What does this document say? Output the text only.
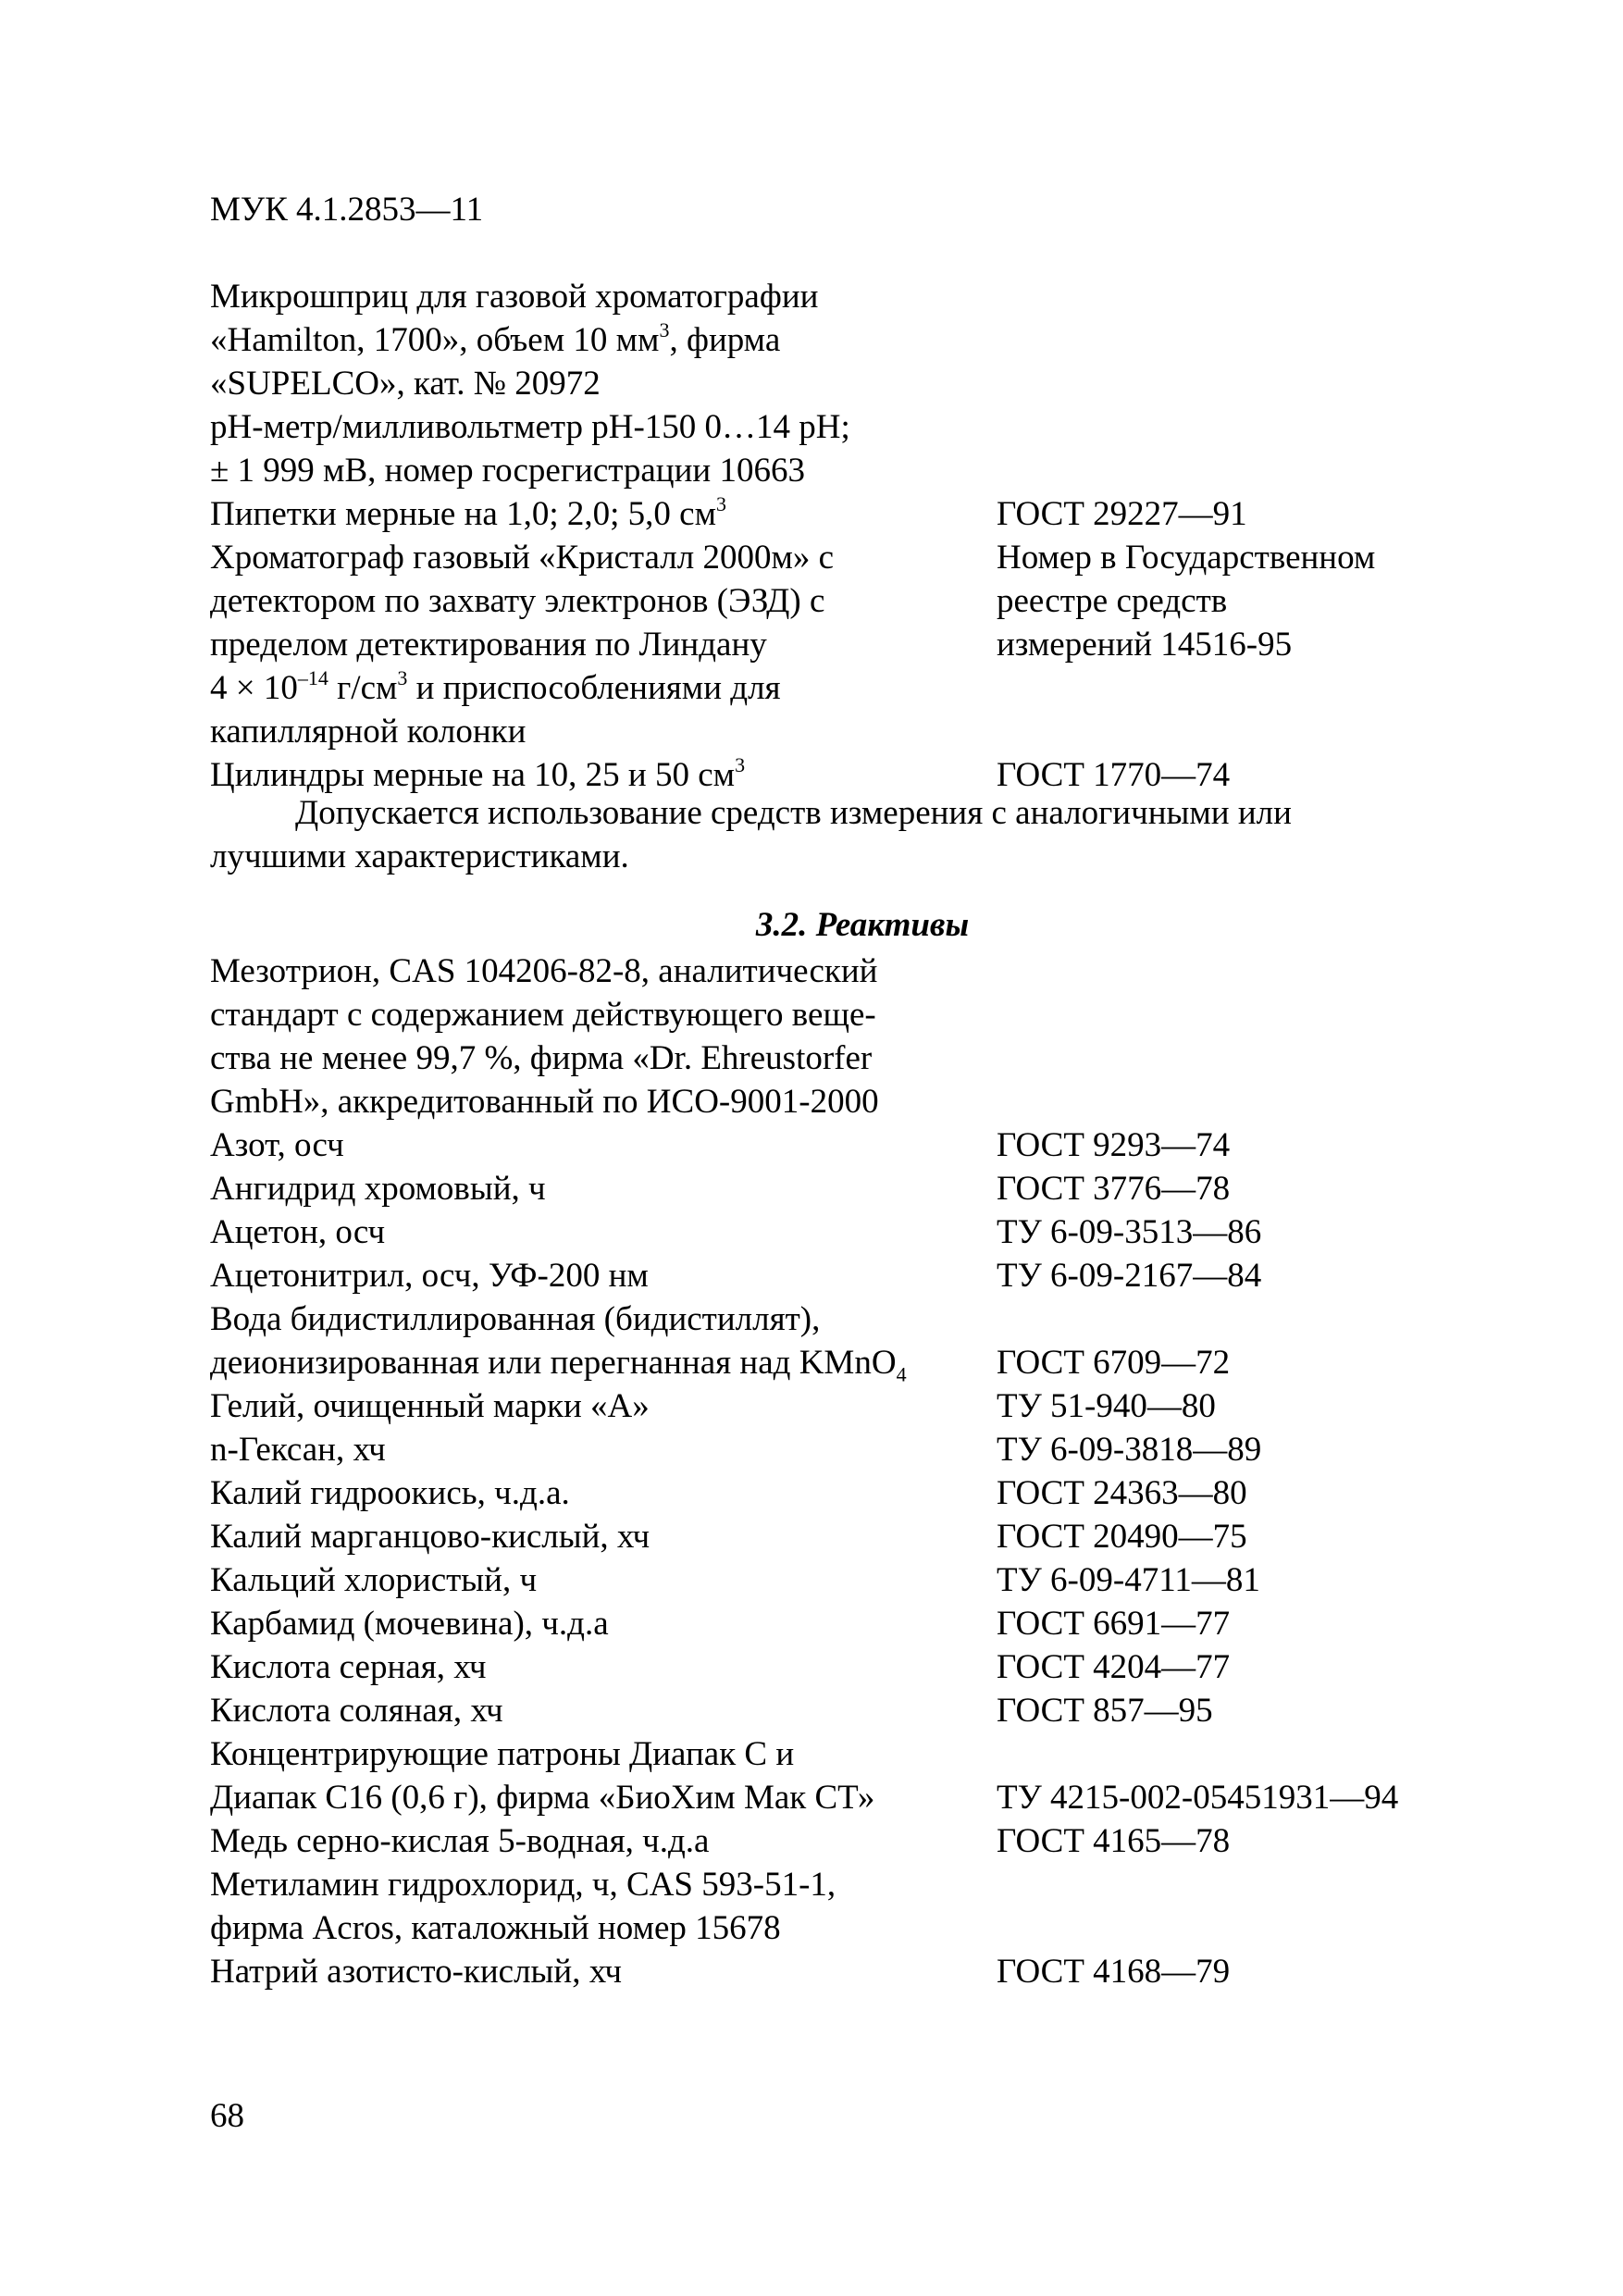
МУК 4.1.2853—11
Микрошприц для газовой хроматографии
«Hamilton, 1700», объем 10 $мм^3$, фирма
«SUPELCO», кат. № 20972
рН-метр/милливольтметр рН-150 0…14 рН;
± 1 999 мВ, номер госрегистрации 10663
Пипетки мерные на 1,0; 2,0; 5,0 $см^3$	ГОСТ 29227—91
Хроматограф газовый «Кристалл 2000м» с	Номер в Государственном
детектором по захвату электронов (ЭЗД) с	реестре средств
пределом детектирования по Линдану	измерений 14516-95
$4 \times 10^{-14}$ $г/см^3$ и приспособлениями для
капиллярной колонки
Цилиндры мерные на 10, 25 и 50 $см^3$	ГОСТ 1770—74
Допускается использование средств измерения с аналогичными или
лучшими характеристиками.
3.2. Реактивы
Мезотрион, CAS 104206-82-8, аналитический
стандарт с содержанием действующего веще-
ства не менее 99,7 %, фирма «Dr. Ehreustorfer
GmbH», аккредитованный по ИСО-9001-2000
Азот, осч	ГОСТ 9293—74
Ангидрид хромовый, ч	ГОСТ 3776—78
Ацетон, осч	ТУ 6-09-3513—86
Ацетонитрил, осч, УФ-200 нм	ТУ 6-09-2167—84
Вода бидистиллированная (бидистиллят),
деионизированная или перегнанная над KMnO$_4$	ГОСТ 6709—72
Гелий, очищенный марки «А»	ТУ 51-940—80
n-Гексан, хч	ТУ 6-09-3818—89
Калий гидроокись, ч.д.а.	ГОСТ 24363—80
Калий марганцово-кислый, хч	ГОСТ 20490—75
Кальций хлористый, ч	ТУ 6-09-4711—81
Карбамид (мочевина), ч.д.а	ГОСТ 6691—77
Кислота серная, хч	ГОСТ 4204—77
Кислота соляная, хч	ГОСТ 857—95
Концентрирующие патроны Диапак С и
Диапак С16 (0,6 г), фирма «БиоХим Мак СТ»	ТУ 4215-002-05451931—94
Медь серно-кислая 5-водная, ч.д.а	ГОСТ 4165—78
Метиламин гидрохлорид, ч, CAS 593-51-1,
фирма Acros, каталожный номер 15678
Натрий азотисто-кислый, хч	ГОСТ 4168—79
68
